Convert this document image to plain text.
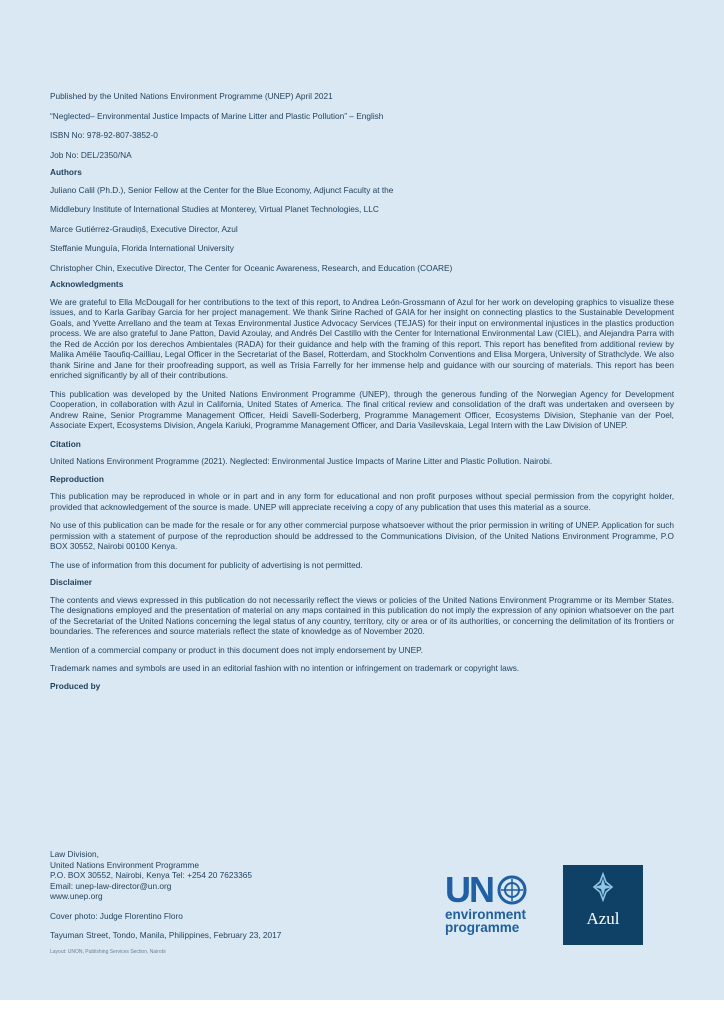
Published by the United Nations Environment Programme (UNEP) April 2021

“Neglected– Environmental Justice Impacts of Marine Litter and Plastic Pollution” – English

ISBN No: 978-92-807-3852-0

Job No: DEL/2350/NA

Authors

Juliano Calil (Ph.D.), Senior Fellow at the Center for the Blue Economy, Adjunct Faculty at the

Middlebury Institute of International Studies at Monterey, Virtual Planet Technologies, LLC

Marce Gutiérrez-Graudiņš, Executive Director, Azul

Steffanie Munguía, Florida International University

Christopher Chin, Executive Director, The Center for Oceanic Awareness, Research, and Education (COARE)

Acknowledgments

We are grateful to Ella McDougall for her contributions to the text of this report, to Andrea León-Grossmann of Azul for her work on developing graphics to visualize these issues, and to Karla Garibay Garcia for her project management. We thank Sirine Rached of GAIA for her insight on connecting plastics to the Sustainable Development Goals, and Yvette Arrellano and the team at Texas Environmental Justice Advocacy Services (TEJAS) for their input on environmental injustices in the plastics production process. We are also grateful to Jane Patton, David Azoulay, and Andrés Del Castillo with the Center for International Environmental Law (CIEL), and Alejandra Parra with the Red de Acción por los derechos Ambientales (RADA) for their guidance and help with the framing of this report. This report has benefited from additional review by Malika Amélie Taoufiq-Cailliau, Legal Officer in the Secretariat of the Basel, Rotterdam, and Stockholm Conventions and Elisa Morgera, University of Strathclyde. We also thank Sirine and Jane for their proofreading support, as well as Trisia Farrelly for her immense help and guidance with our sourcing of materials. This report has been enriched significantly by all of their contributions.

This publication was developed by the United Nations Environment Programme (UNEP), through the generous funding of the Norwegian Agency for Development Cooperation, in collaboration with Azul in California, United States of America. The final critical review and consolidation of the draft was undertaken and overseen by Andrew Raine, Senior Programme Management Officer, Heidi Savelli-Soderberg, Programme Management Officer, Ecosystems Division, Stephanie van der Poel, Associate Expert, Ecosystems Division, Angela Kariuki, Programme Management Officer, and Daria Vasilevskaia, Legal Intern with the Law Division of UNEP.

Citation

United Nations Environment Programme (2021). Neglected: Environmental Justice Impacts of Marine Litter and Plastic Pollution. Nairobi.

Reproduction

This publication may be reproduced in whole or in part and in any form for educational and non profit purposes without special permission from the copyright holder, provided that acknowledgement of the source is made. UNEP will appreciate receiving a copy of any publication that uses this material as a source.

No use of this publication can be made for the resale or for any other commercial purpose whatsoever without the prior permission in writing of UNEP. Application for such permission with a statement of purpose of the reproduction should be addressed to the Communications Division, of the United Nations Environment Programme, P.O BOX 30552, Nairobi 00100 Kenya.

The use of information from this document for publicity of advertising is not permitted.

Disclaimer

The contents and views expressed in this publication do not necessarily reflect the views or policies of the United Nations Environment Programme or its Member States. The designations employed and the presentation of material on any maps contained in this publication do not imply the expression of any opinion whatsoever on the part of the Secretariat of the United Nations concerning the legal status of any country, territory, city or area or of its authorities, or concerning the delimitation of its frontiers or boundaries. The references and source materials reflect the state of knowledge as of November 2020.

Mention of a commercial company or product in this document does not imply endorsement by UNEP.

Trademark names and symbols are used in an editorial fashion with no intention or infringement on trademark or copyright laws.

Produced by

Law Division,

United Nations Environment Programme

P.O. BOX 30552, Nairobi, Kenya Tel: +254 20 7623365

Email: unep-law-director@un.org

www.unep.org

Cover photo: Judge Florentino Floro

Tayuman Street, Tondo, Manila, Philippines, February 23, 2017

Layout: UNON, Publishing Services Section, Nairobi

UN
environment
programme	Azul
